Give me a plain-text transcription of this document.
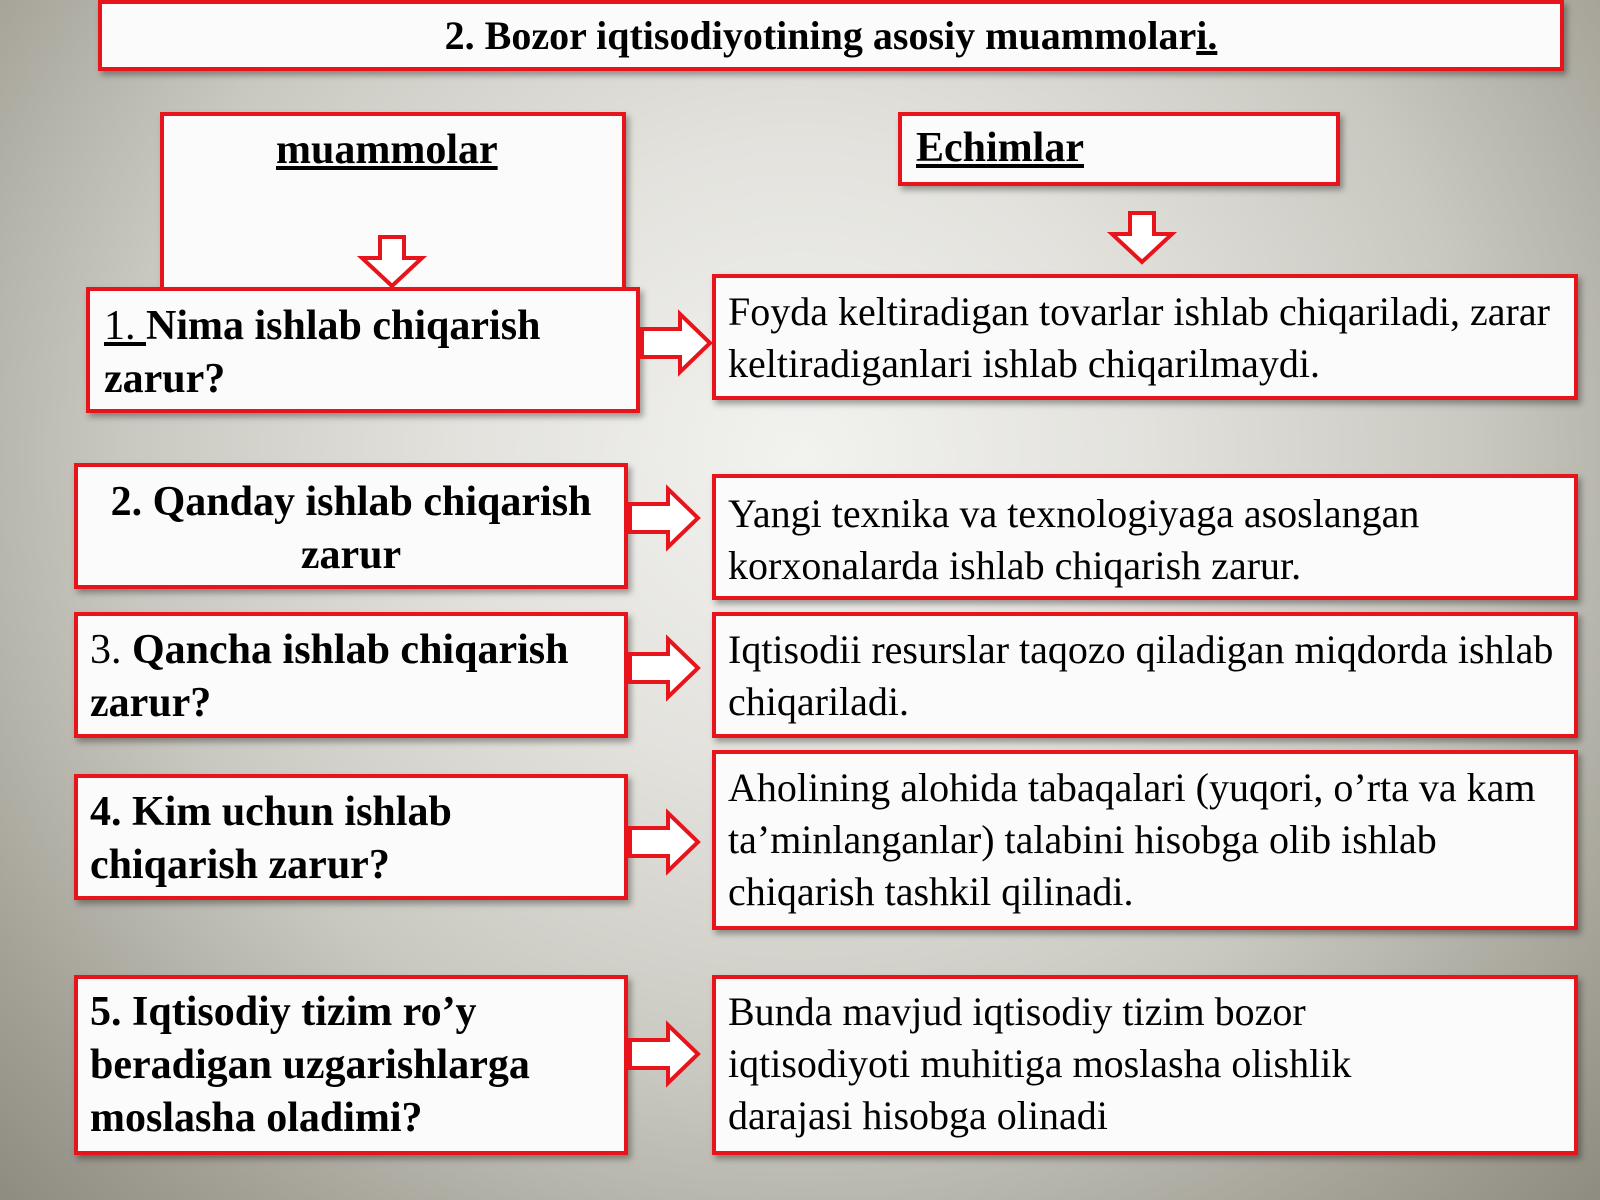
2. Bozor iqtisodiyotining asosiy muammolari.
muammolar	Echimlar
1. Nima ishlab chiqarish zarur?
Foyda keltiradigan tovarlar ishlab chiqariladi, zarar keltiradiganlari ishlab chiqarilmaydi.
2. Qanday ishlab chiqarish zarur
Yangi texnika va texnologiyaga asoslangan korxonalarda ishlab chiqarish zarur.
3. Qancha ishlab chiqarish zarur?
Iqtisodii resurslar taqozo qiladigan miqdorda ishlab chiqariladi.
4. Kim uchun ishlab chiqarish zarur?
Aholining alohida tabaqalari (yuqori, o’rta va kam ta’minlanganlar) talabini hisobga olib ishlab chiqarish tashkil qilinadi.
5. Iqtisodiy tizim ro’y beradigan uzgarishlarga moslasha oladimi?
Bunda mavjud iqtisodiy tizim bozor iqtisodiyoti muhitiga moslasha olishlik darajasi hisobga olinadi
